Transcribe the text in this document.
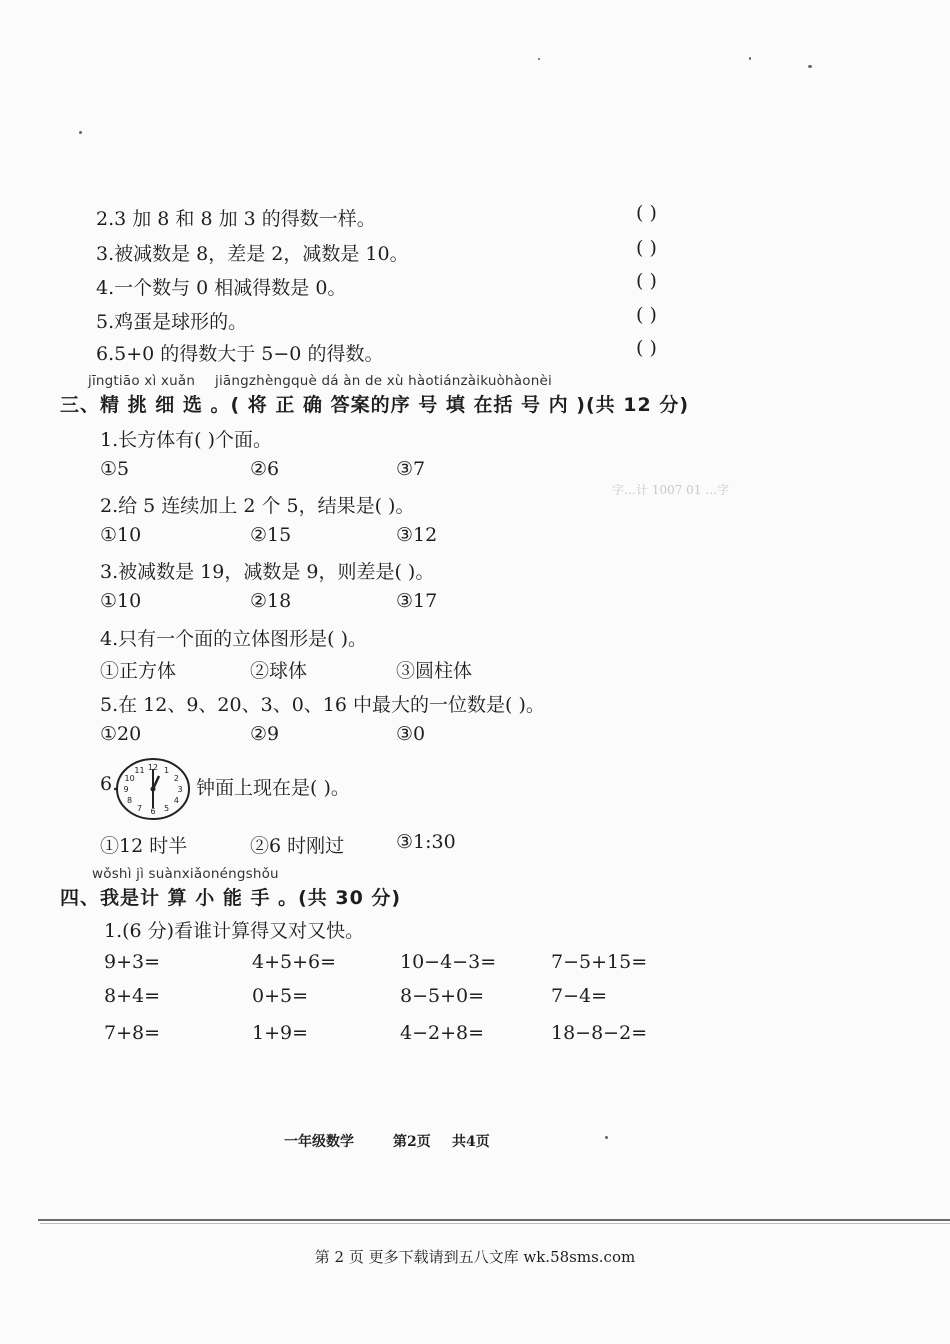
2.3 加 8 和 8 加 3 的得数一样。	( )
3.被减数是 8，差是 2，减数是 10。	( )
4.一个数与 0 相减得数是 0。	( )
5.鸡蛋是球形的。	( )
6.5+0 的得数大于 5−0 的得数。	( )
jīngtiāo xì xuǎn jiāngzhèngquè dá àn de xù hàotiánzàikuòhàonèi
三、精 挑 细 选 。( 将 正 确 答案的序 号 填 在括 号 内 )(共 12 分)
1.长方体有( )个面。
①5	②6	③7
字…计 1007 01 …字
2.给 5 连续加上 2 个 5，结果是( )。
①10	②15	③12
3.被减数是 19，减数是 9，则差是( )。
①10	②18	③17
4.只有一个面的立体图形是( )。
①正方体	②球体	③圆柱体
5.在 12、9、20、3、0、16 中最大的一位数是( )。
①20	②9	③0
6.
12 1
2
3
4
5
6
7
8
9
10
11
钟面上现在是( )。
①12 时半	②6 时刚过	③1:30
wǒshì jì suànxiǎonéngshǒu
四、我是计 算 小 能 手 。(共 30 分)
1.(6 分)看谁计算得又对又快。
9+3=	4+5+6=	10−4−3=	7−5+15=
8+4=	0+5=	8−5+0=	7−4=
7+8=	1+9=	4−2+8=	18−8−2=
一年级数学	第2页 共4页
第 2 页 更多下载请到五八文库 wk.58sms.com
